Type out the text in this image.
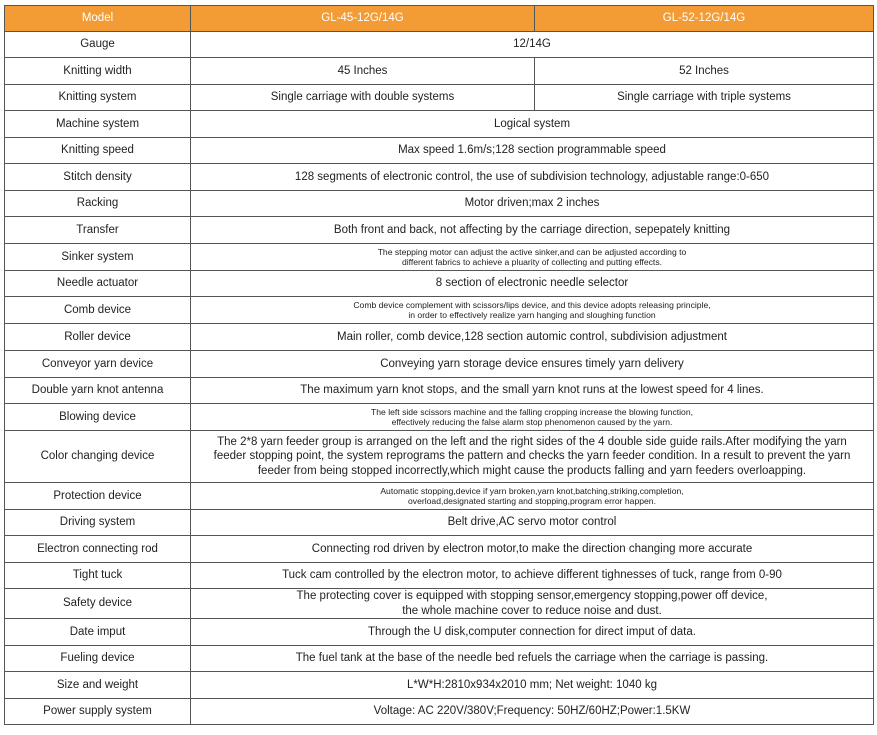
Model	GL-45-12G/14G	GL-52-12G/14G
Gauge	12/14G	
Knitting width	45 Inches	52 Inches
Knitting system	Single carriage with double systems	Single carriage with triple systems
Machine system	Logical system	
Knitting speed	Max speed 1.6m/s;128 section programmable speed	
Stitch density	128 segments of electronic control, the use of subdivision technology, adjustable range:0-650	
Racking	Motor driven;max 2 inches	
Transfer	Both front and back, not affecting by the carriage direction, sepepately knitting	
Sinker system	The stepping motor can adjust the active sinker,and can be adjusted according to
different fabrics to achieve a pluarity of collecting and putting effects.	

Needle actuator	8 section of electronic needle selector	
Comb device	Comb device complement with scissors/lips device, and this device adopts releasing principle,
in order to effectively realize yarn hanging and sloughing function	

Roller device	Main roller, comb device,128 section automic control, subdivision adjustment	
Conveyor yarn device	Conveying yarn storage device ensures timely yarn delivery	
Double yarn knot antenna	The maximum yarn knot stops, and the small yarn knot runs at the lowest speed for 4 lines.	
Blowing device	The left side scissors machine and the falling cropping increase the blowing function,
effectively reducing the false alarm stop phenomenon caused by the yarn.	

Color changing device	The 2*8 yarn feeder group is arranged on the left and the right sides of the 4 double side guide rails.After modifying the yarn
feeder stopping point, the system reprograms the pattern and checks the yarn feeder condition. In a result to prevent the yarn
feeder from being stopped incorrectly,which might cause the products falling and yarn feeders overloapping.	

Protection device	Automatic stopping,device if yarn broken,yarn knot,batching,striking,completion,
overload,designated starting and stopping,program error happen.	

Driving system	Belt drive,AC servo motor control	
Electron connecting rod	Connecting rod driven by electron motor,to make the direction changing more accurate	
Tight tuck	Tuck cam controlled by the electron motor, to achieve different tighnesses of tuck, range from 0-90	
Safety device	The protecting cover is equipped with stopping sensor,emergency stopping,power off device,
the whole machine cover to reduce noise and dust.	

Date imput	Through the U disk,computer connection for direct imput of data.	
Fueling device	The fuel tank at the base of the needle bed refuels the carriage when the carriage is passing.	
Size and weight	L*W*H:2810x934x2010 mm; Net weight: 1040 kg	
Power supply system	Voltage: AC 220V/380V;Frequency: 50HZ/60HZ;Power:1.5KW	
